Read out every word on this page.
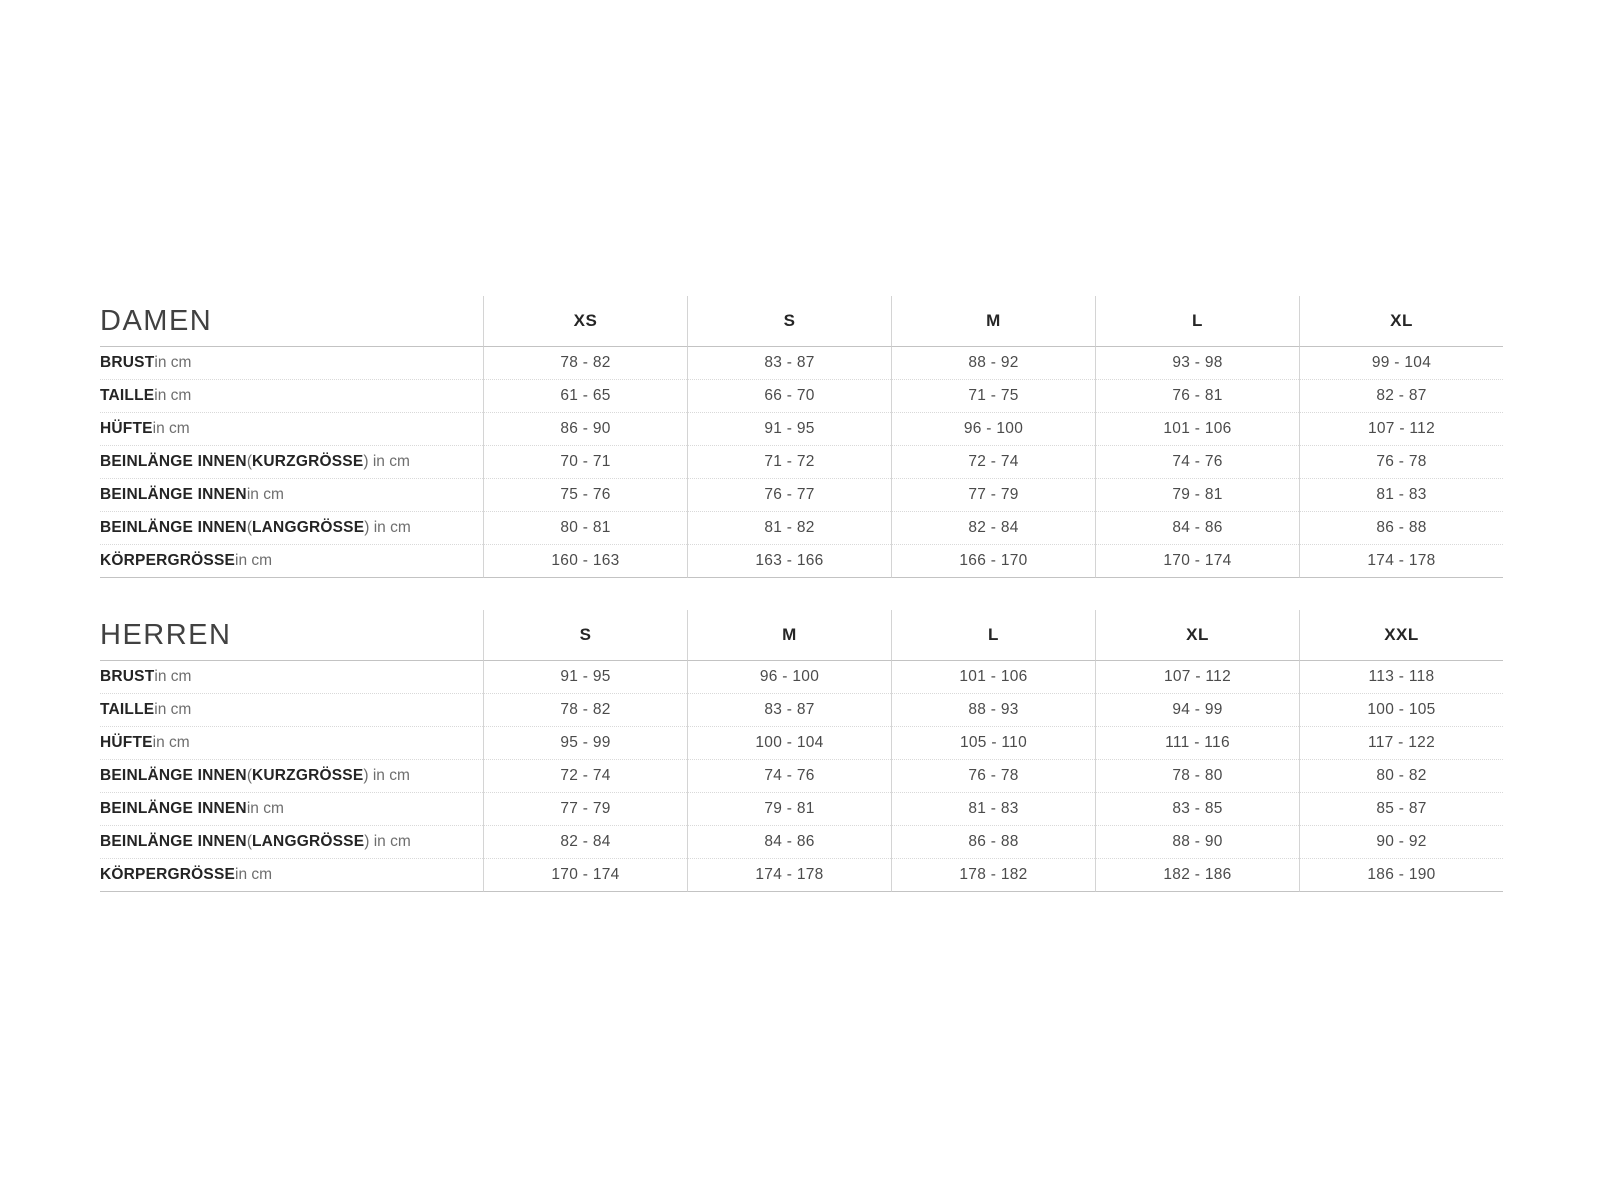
DAMEN	XS	S	M	L	XL
BRUST in cm	78 - 82	83 - 87	88 - 92	93 - 98	99 - 104
TAILLE in cm	61 - 65	66 - 70	71 - 75	76 - 81	82 - 87
HÜFTE in cm	86 - 90	91 - 95	96 - 100	101 - 106	107 - 112
BEINLÄNGE INNEN ( KURZGRÖSSE ) in cm	70 - 71	71 - 72	72 - 74	74 - 76	76 - 78
BEINLÄNGE INNEN in cm	75 - 76	76 - 77	77 - 79	79 - 81	81 - 83
BEINLÄNGE INNEN ( LANGGRÖSSE ) in cm	80 - 81	81 - 82	82 - 84	84 - 86	86 - 88
KÖRPERGRÖSSE in cm	160 - 163	163 - 166	166 - 170	170 - 174	174 - 178
HERREN	S	M	L	XL	XXL
BRUST in cm	91 - 95	96 - 100	101 - 106	107 - 112	113 - 118
TAILLE in cm	78 - 82	83 - 87	88 - 93	94 - 99	100 - 105
HÜFTE in cm	95 - 99	100 - 104	105 - 110	111 - 116	117 - 122
BEINLÄNGE INNEN ( KURZGRÖSSE ) in cm	72 - 74	74 - 76	76 - 78	78 - 80	80 - 82
BEINLÄNGE INNEN in cm	77 - 79	79 - 81	81 - 83	83 - 85	85 - 87
BEINLÄNGE INNEN ( LANGGRÖSSE ) in cm	82 - 84	84 - 86	86 - 88	88 - 90	90 - 92
KÖRPERGRÖSSE in cm	170 - 174	174 - 178	178 - 182	182 - 186	186 - 190
